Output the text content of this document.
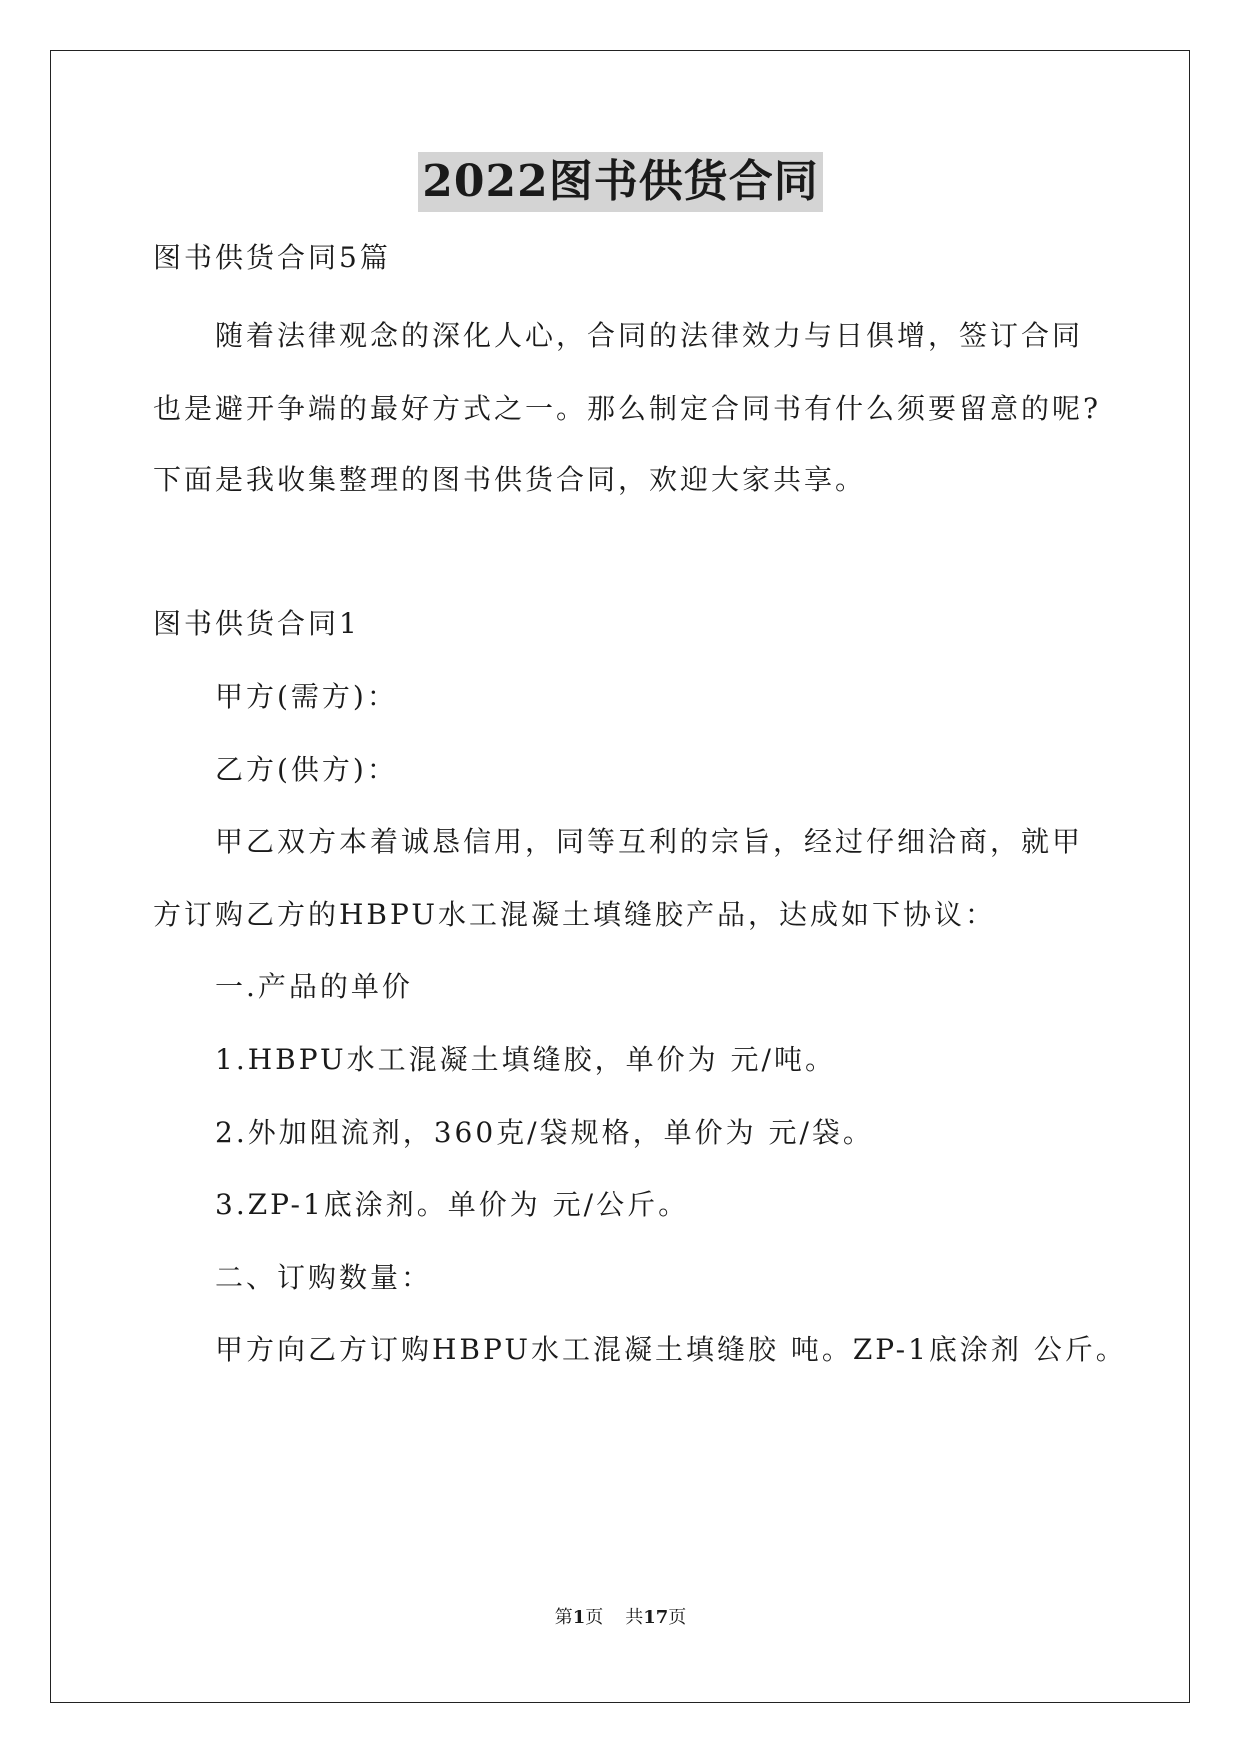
2022图书供货合同
图书供货合同5篇
随着法律观念的深化人心，合同的法律效力与日俱增，签订合同
也是避开争端的最好方式之一。那么制定合同书有什么须要留意的呢?
下面是我收集整理的图书供货合同，欢迎大家共享。
图书供货合同1
甲方(需方)：
乙方(供方)：
甲乙双方本着诚恳信用，同等互利的宗旨，经过仔细洽商，就甲
方订购乙方的HBPU水工混凝土填缝胶产品，达成如下协议：
一.产品的单价
1.HBPU水工混凝土填缝胶，单价为 元/吨。
2.外加阻流剂，360克/袋规格，单价为 元/袋。
3.ZP-1底涂剂。单价为 元/公斤。
二、订购数量：
甲方向乙方订购HBPU水工混凝土填缝胶 吨。ZP-1底涂剂 公斤。
第1页 共17页
